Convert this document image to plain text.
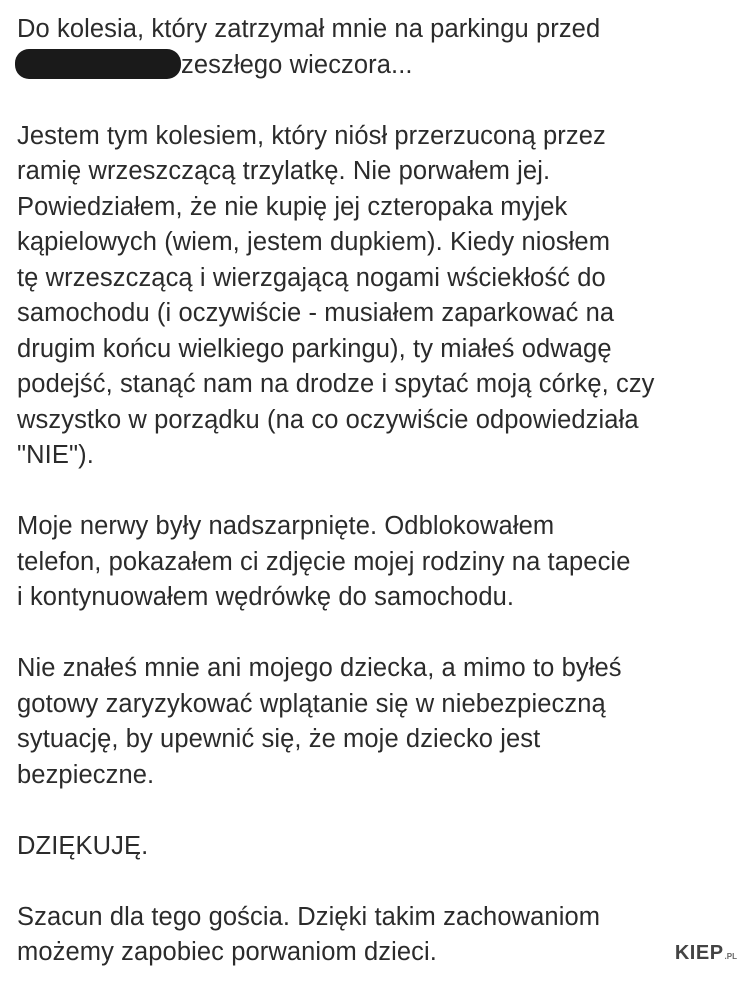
Do kolesia, który zatrzymał mnie na parkingu przed
zeszłego wieczora...

Jestem tym kolesiem, który niósł przerzuconą przez
ramię wrzeszczącą trzylatkę. Nie porwałem jej.
Powiedziałem, że nie kupię jej czteropaka myjek
kąpielowych (wiem, jestem dupkiem). Kiedy niosłem
tę wrzeszczącą i wierzgającą nogami wściekłość do
samochodu (i oczywiście - musiałem zaparkować na
drugim końcu wielkiego parkingu), ty miałeś odwagę
podejść, stanąć nam na drodze i spytać moją córkę, czy
wszystko w porządku (na co oczywiście odpowiedziała
"NIE").

Moje nerwy były nadszarpnięte. Odblokowałem
telefon, pokazałem ci zdjęcie mojej rodziny na tapecie
i kontynuowałem wędrówkę do samochodu.

Nie znałeś mnie ani mojego dziecka, a mimo to byłeś
gotowy zaryzykować wplątanie się w niebezpieczną
sytuację, by upewnić się, że moje dziecko jest
bezpieczne.

DZIĘKUJĘ.

Szacun dla tego gościa. Dzięki takim zachowaniom
możemy zapobiec porwaniom dzieci.	KIEP .PL
